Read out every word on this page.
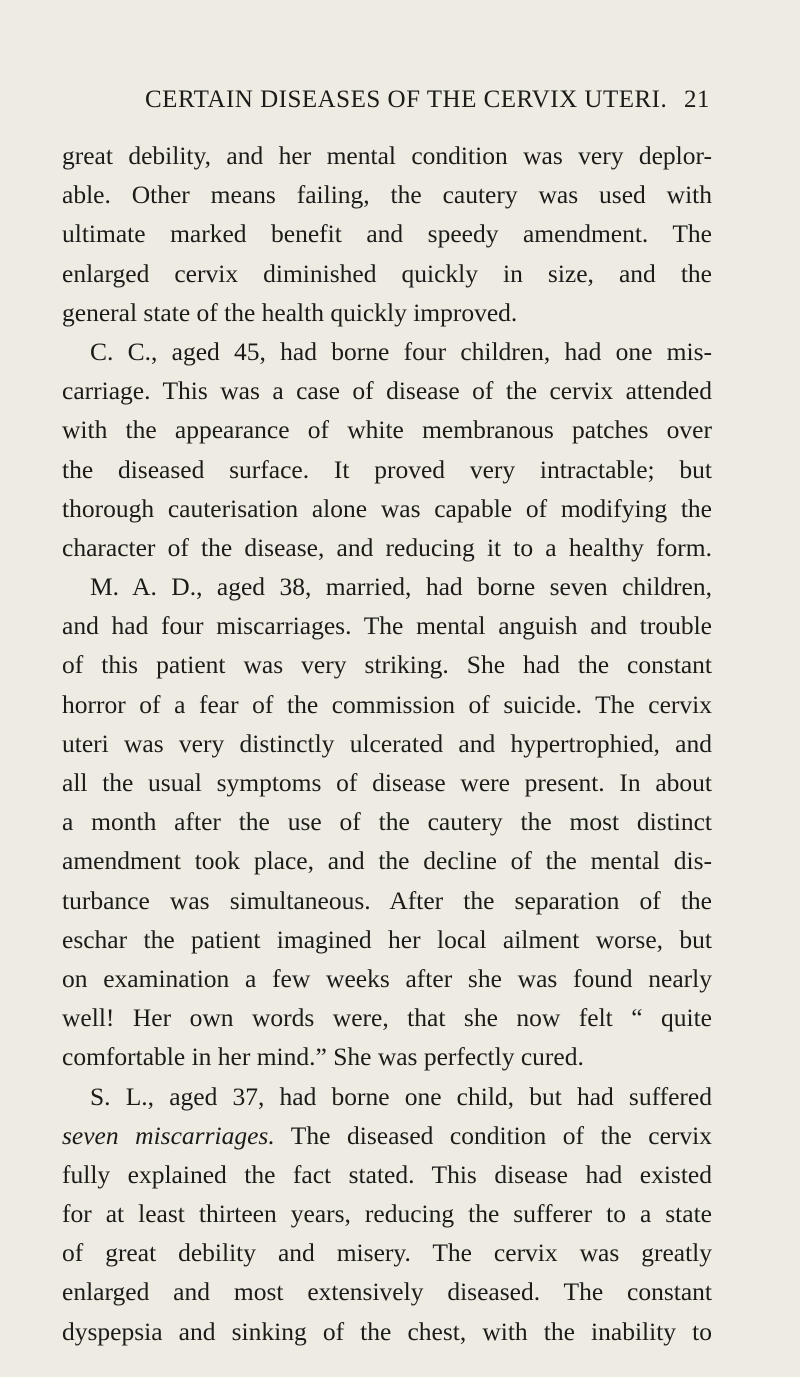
CERTAIN DISEASES OF THE CERVIX UTERI. 21
great debility, and her mental condition was very deplor-
able. Other means failing, the cautery was used with
ultimate marked benefit and speedy amendment. The
enlarged cervix diminished quickly in size, and the
general state of the health quickly improved.
C. C., aged 45, had borne four children, had one mis-
carriage. This was a case of disease of the cervix attended
with the appearance of white membranous patches over
the diseased surface. It proved very intractable; but
thorough cauterisation alone was capable of modifying the
character of the disease, and reducing it to a healthy form.
M. A. D., aged 38, married, had borne seven children,
and had four miscarriages. The mental anguish and trouble
of this patient was very striking. She had the constant
horror of a fear of the commission of suicide. The cervix
uteri was very distinctly ulcerated and hypertrophied, and
all the usual symptoms of disease were present. In about
a month after the use of the cautery the most distinct
amendment took place, and the decline of the mental dis-
turbance was simultaneous. After the separation of the
eschar the patient imagined her local ailment worse, but
on examination a few weeks after she was found nearly
well! Her own words were, that she now felt “ quite
comfortable in her mind.” She was perfectly cured.
S. L., aged 37, had borne one child, but had suffered
seven miscarriages. The diseased condition of the cervix
fully explained the fact stated. This disease had existed
for at least thirteen years, reducing the sufferer to a state
of great debility and misery. The cervix was greatly
enlarged and most extensively diseased. The constant
dyspepsia and sinking of the chest, with the inability to
